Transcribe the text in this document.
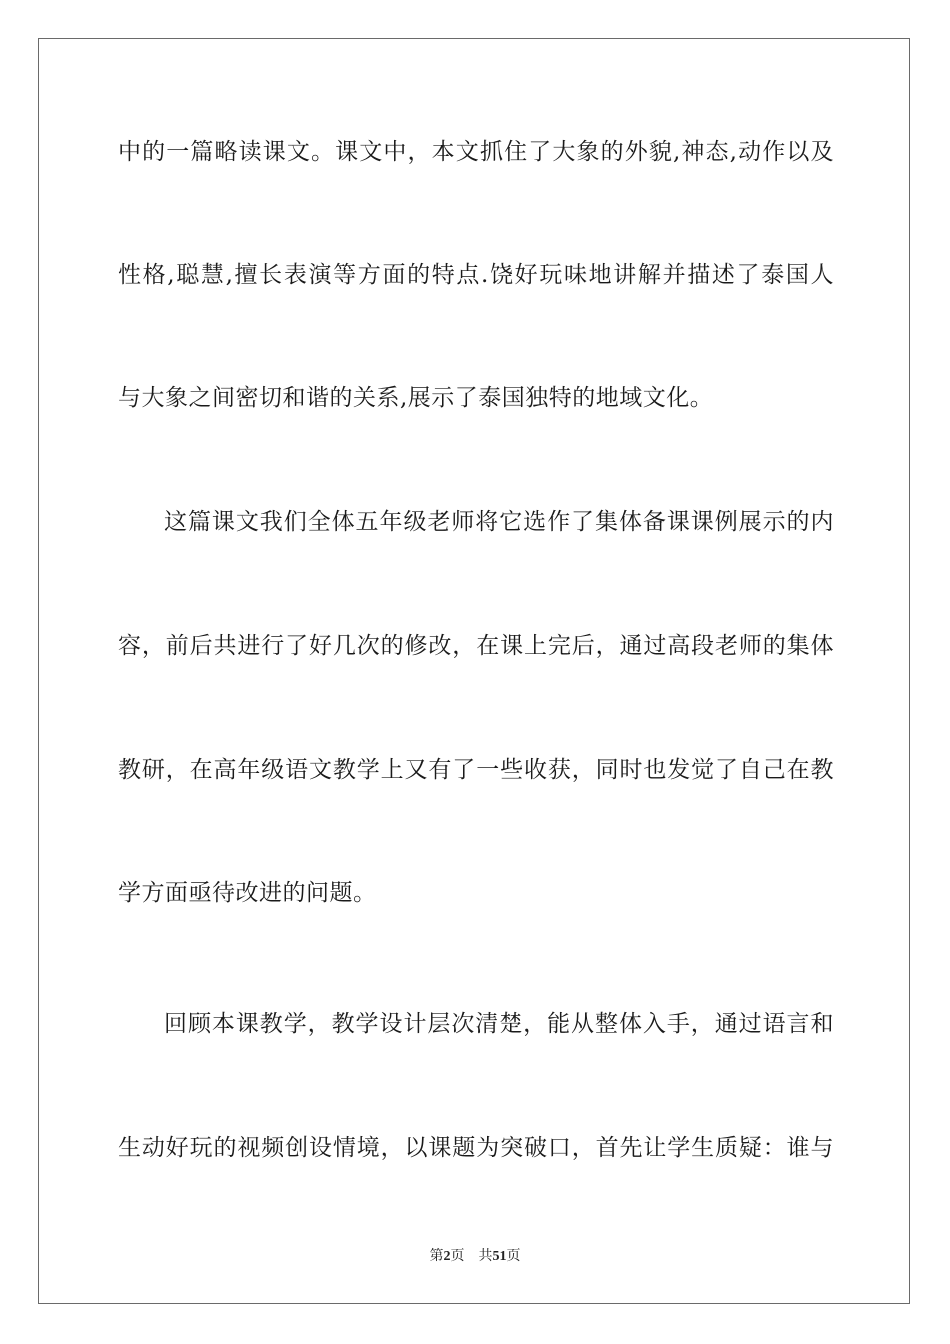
中的一篇略读课文。课文中，本文抓住了大象的外貌,神态,动作以及
性格,聪慧,擅长表演等方面的特点.饶好玩味地讲解并描述了泰国人
与大象之间密切和谐的关系,展示了泰国独特的地域文化。
这篇课文我们全体五年级老师将它选作了集体备课课例展示的内
容，前后共进行了好几次的修改，在课上完后，通过高段老师的集体
教研，在高年级语文教学上又有了一些收获，同时也发觉了自己在教
学方面亟待改进的问题。
回顾本课教学，教学设计层次清楚，能从整体入手，通过语言和
生动好玩的视频创设情境，以课题为突破口，首先让学生质疑：谁与
第2页 共51页
